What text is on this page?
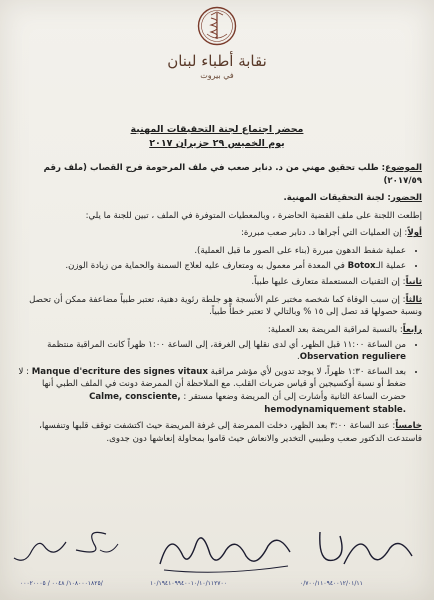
نقابة أطباء لبنان
في بيروت
محضر اجتماع لجنة التحقيقات المهنية
يوم الخميس ٢٩ حزيران ٢٠١٧

الموضوع: طلب تحقيق مهني من د. دنابر صعب في ملف المرحومة فرح القصاب (ملف رقم ٢٠١٧/٥٩)

الحضور: لجنة التحقيقات المهنية.

إطلعت اللجنة على ملف القضية الحاضرة ، وبالمعطيات المتوفرة في الملف ، تبين للجنة ما يلي:

أولاً: إن العمليات التي أجراها د. دنابر صعب مبررة:

• عملية شفط الدهون مبررة (بناء على الصور ما قبل العملية).
• عملية الـBotox في المعدة أمر معمول به ومتعارف عليه لعلاج السمنة والحماية من زيادة الوزن.

ثانياً: إن التقنيات المستعملة متعارف عليها طبياً.

ثالثاً: إن سبب الوفاة كما شخصه مختبر علم الأنسجة هو جلطة رئوية دهنية، تعتبر طبياً مضاعفة ممكن أن تحصل ونسبة حصولها قد تصل إلى ١٥ % وبالتالي لا تعتبر خطأً طبياً.

رابعاً: بالنسبة لمراقبة المريضة بعد العملية:

• من الساعة ١١:٠٠ قبل الظهر، أي لدى نقلها إلى الغرفة، إلى الساعة ١:٠٠ ظهراً كانت المراقبة منتظمة Observation reguliere.
• بعد الساعة ١:٣٠ ظهراً، لا يوجد تدوين لأي مؤشر مراقبة Manque d'ecriture des signes vitaux : لا ضغط أو نسبة أوكسيجين أو قياس ضربات القلب. مع الملاحظة أن الممرضة دونت في الملف الطبي أنها حضرت الساعة الثانية وأشارت إلى أن المريضة وضعها مستقر : Calme, consciente, hemodynamiquement stable.

خامساً: عند الساعة ٣:٠٠ بعد الظهر، دخلت الممرضة إلى غرفة المريضة حيث اكتشفت توقف قلبها وتنفسها، فاستدعت الدكتور صعب وطبيبي التخدير والانعاش حيث قاموا بمحاولة إنعاشها دون جدوى.

١٠٨٠٠٠١٨٢٥/ ٠٠٤٨ / ٠٠٠٢٠٠٠٥/	١٠/١٩٤١٠٩٩٤٠٠١٠/١٠/١١٢٧٠٠	٠/٧٠٠/١١٠٩٤٠٠١٢/٠١/١١
